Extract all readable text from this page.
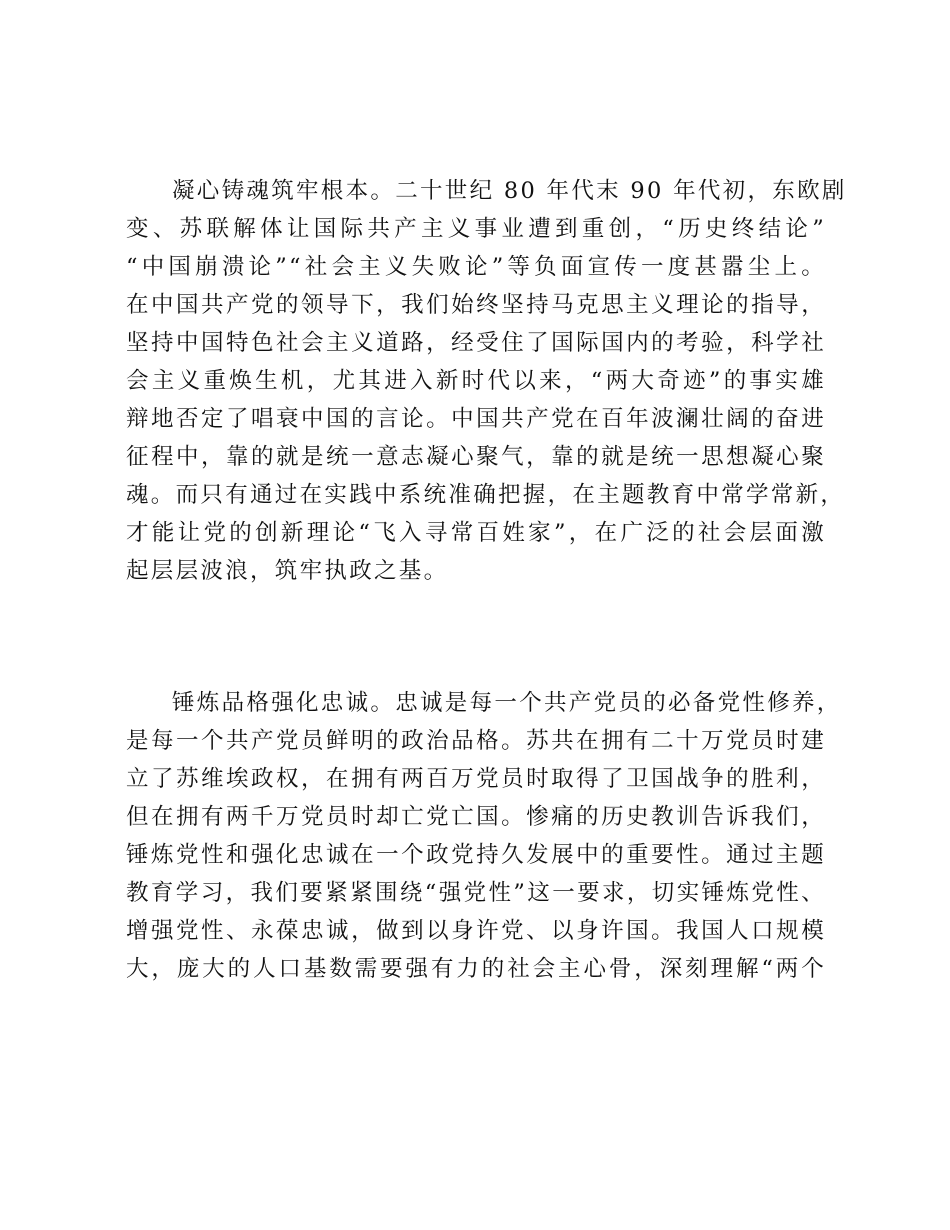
凝心铸魂筑牢根本。二十世纪 80 年代末 90 年代初，东欧剧
变、苏联解体让国际共产主义事业遭到重创，“历史终结论”
“中国崩溃论”“社会主义失败论”等负面宣传一度甚嚣尘上。
在中国共产党的领导下，我们始终坚持马克思主义理论的指导，
坚持中国特色社会主义道路，经受住了国际国内的考验，科学社
会主义重焕生机，尤其进入新时代以来，“两大奇迹”的事实雄
辩地否定了唱衰中国的言论。中国共产党在百年波澜壮阔的奋进
征程中，靠的就是统一意志凝心聚气，靠的就是统一思想凝心聚
魂。而只有通过在实践中系统准确把握，在主题教育中常学常新，
才能让党的创新理论“飞入寻常百姓家”，在广泛的社会层面激
起层层波浪，筑牢执政之基。
锤炼品格强化忠诚。忠诚是每一个共产党员的必备党性修养，
是每一个共产党员鲜明的政治品格。苏共在拥有二十万党员时建
立了苏维埃政权，在拥有两百万党员时取得了卫国战争的胜利，
但在拥有两千万党员时却亡党亡国。惨痛的历史教训告诉我们，
锤炼党性和强化忠诚在一个政党持久发展中的重要性。通过主题
教育学习，我们要紧紧围绕“强党性”这一要求，切实锤炼党性、
增强党性、永葆忠诚，做到以身许党、以身许国。我国人口规模
大，庞大的人口基数需要强有力的社会主心骨，深刻理解“两个
